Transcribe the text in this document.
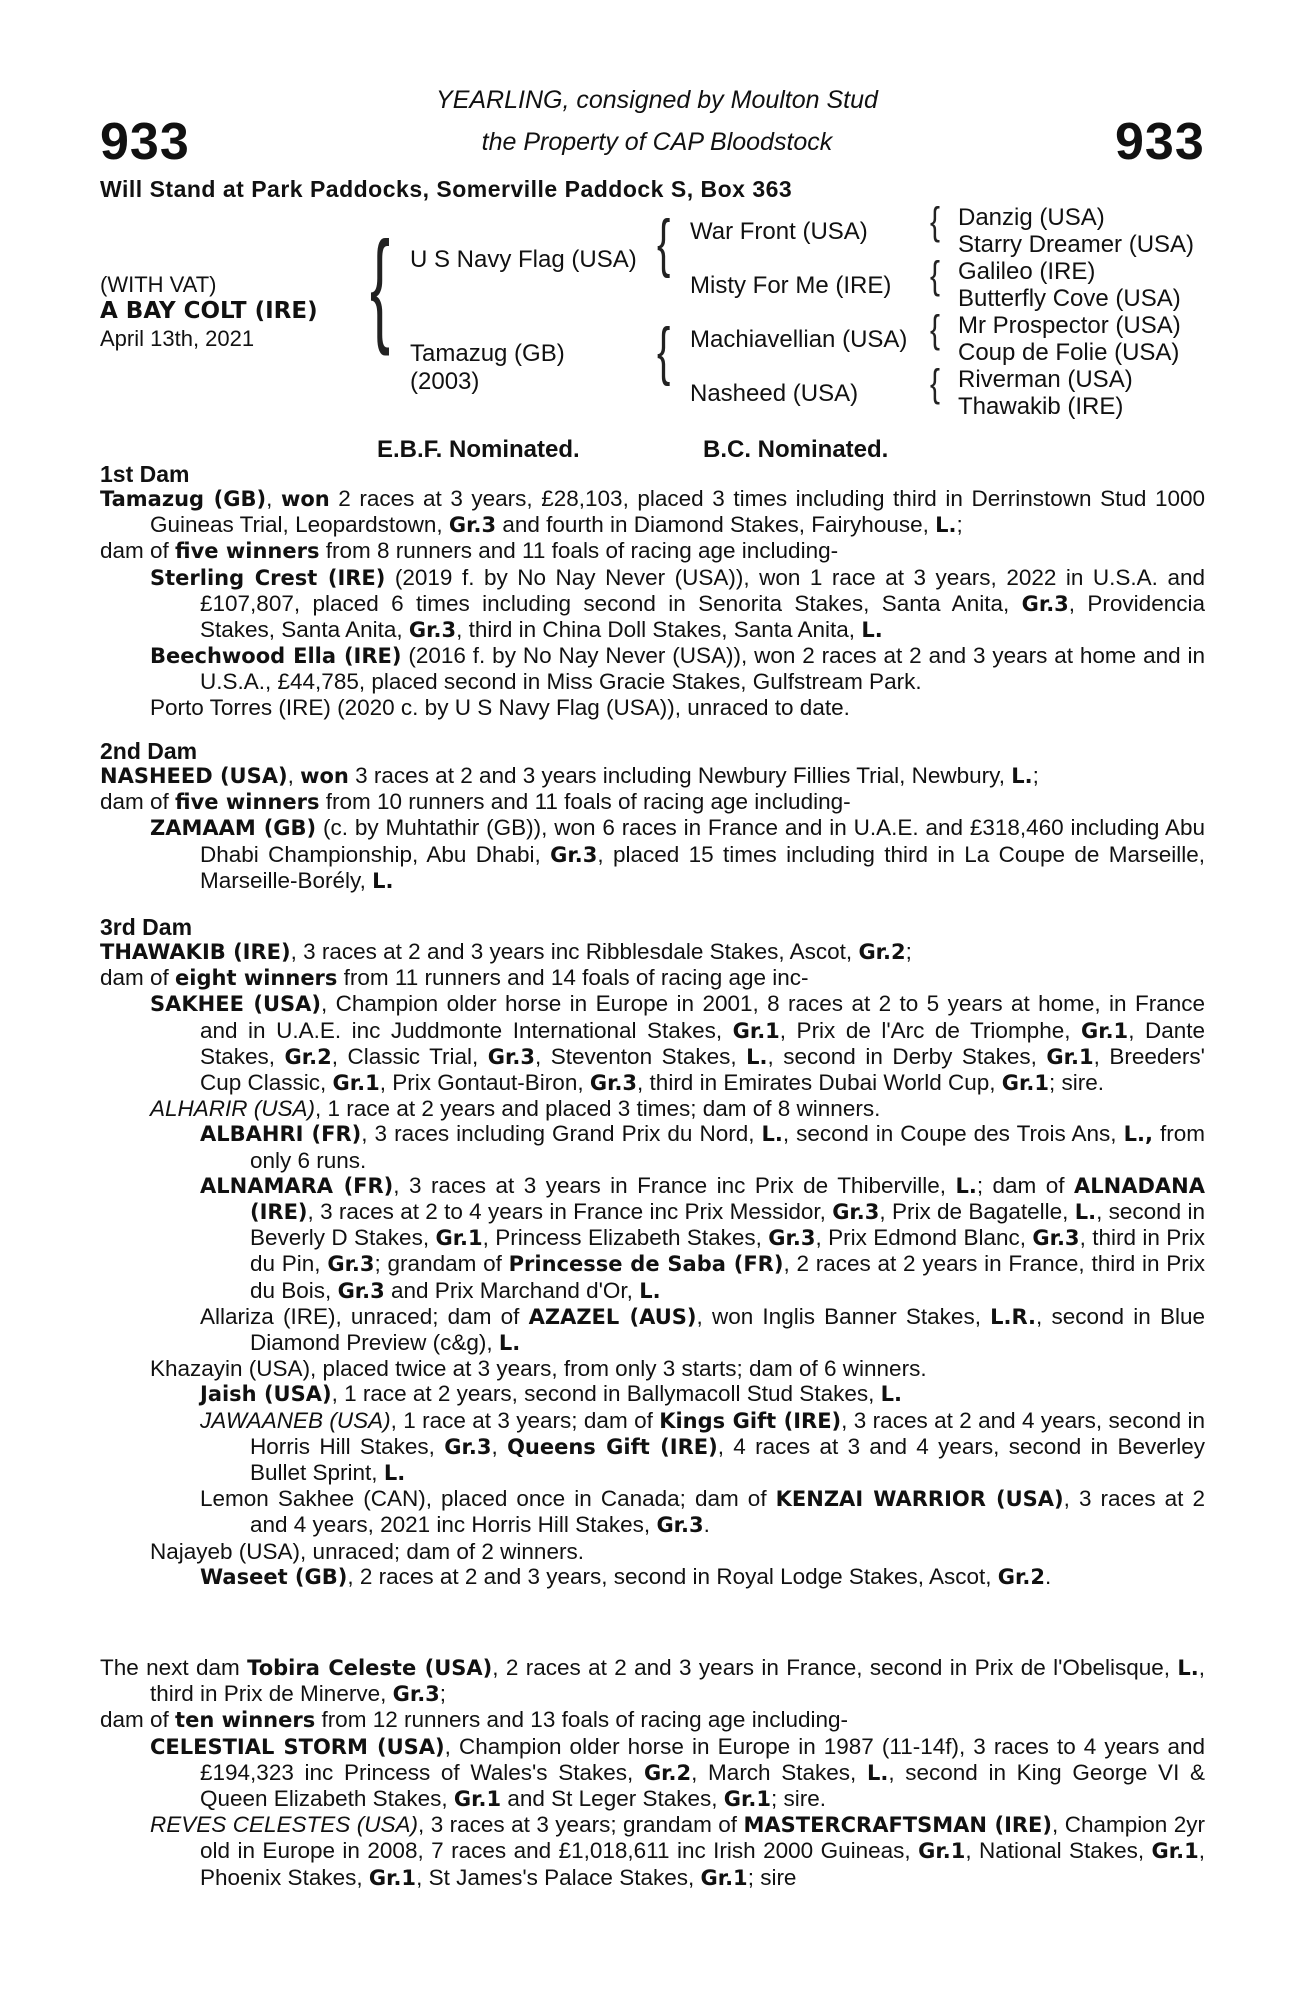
933	933
YEARLING, consigned by Moulton Stud
the Property of CAP Bloodstock
Will Stand at Park Paddocks, Somerville Paddock S, Box 363
(WITH VAT)
A BAY COLT (IRE)
April 13th, 2021 { U S Navy Flag (USA)
Tamazug (GB)
(2003)
{ War Front (USA)
Misty For Me (IRE)
{ Machiavellian (USA)
Nasheed (USA)
{ Danzig (USA)
Starry Dreamer (USA)
{ Galileo (IRE)
Butterfly Cove (USA)
{ Mr Prospector (USA)
Coup de Folie (USA)
{ Riverman (USA)
Thawakib (IRE)
E.B.F. Nominated.	B.C. Nominated.
1st Dam

Tamazug (GB), won 2 races at 3 years, £28,103, placed 3 times including third in Derrinstown Stud 1000 Guineas Trial, Leopardstown, Gr.3 and fourth in Diamond Stakes, Fairyhouse, L.;

dam of five winners from 8 runners and 11 foals of racing age including-

Sterling Crest (IRE) (2019 f. by No Nay Never (USA)), won 1 race at 3 years, 2022 in U.S.A. and £107,807, placed 6 times including second in Senorita Stakes, Santa Anita, Gr.3, Providencia Stakes, Santa Anita, Gr.3, third in China Doll Stakes, Santa Anita, L.

Beechwood Ella (IRE) (2016 f. by No Nay Never (USA)), won 2 races at 2 and 3 years at home and in U.S.A., £44,785, placed second in Miss Gracie Stakes, Gulfstream Park.

Porto Torres (IRE) (2020 c. by U S Navy Flag (USA)), unraced to date.

2nd Dam

NASHEED (USA), won 3 races at 2 and 3 years including Newbury Fillies Trial, Newbury, L.;

dam of five winners from 10 runners and 11 foals of racing age including-

ZAMAAM (GB) (c. by Muhtathir (GB)), won 6 races in France and in U.A.E. and £318,460 including Abu Dhabi Championship, Abu Dhabi, Gr.3, placed 15 times including third in La Coupe de Marseille, Marseille-Borély, L.

3rd Dam

THAWAKIB (IRE), 3 races at 2 and 3 years inc Ribblesdale Stakes, Ascot, Gr.2;

dam of eight winners from 11 runners and 14 foals of racing age inc-

SAKHEE (USA), Champion older horse in Europe in 2001, 8 races at 2 to 5 years at home, in France and in U.A.E. inc Juddmonte International Stakes, Gr.1, Prix de l'Arc de Triomphe, Gr.1, Dante Stakes, Gr.2, Classic Trial, Gr.3, Steventon Stakes, L., second in Derby Stakes, Gr.1, Breeders' Cup Classic, Gr.1, Prix Gontaut-Biron, Gr.3, third in Emirates Dubai World Cup, Gr.1; sire.

ALHARIR (USA), 1 race at 2 years and placed 3 times; dam of 8 winners.

ALBAHRI (FR), 3 races including Grand Prix du Nord, L., second in Coupe des Trois Ans, L., from only 6 runs.

ALNAMARA (FR), 3 races at 3 years in France inc Prix de Thiberville, L.; dam of ALNADANA (IRE), 3 races at 2 to 4 years in France inc Prix Messidor, Gr.3, Prix de Bagatelle, L., second in Beverly D Stakes, Gr.1, Princess Elizabeth Stakes, Gr.3, Prix Edmond Blanc, Gr.3, third in Prix du Pin, Gr.3; grandam of Princesse de Saba (FR), 2 races at 2 years in France, third in Prix du Bois, Gr.3 and Prix Marchand d'Or, L.

Allariza (IRE), unraced; dam of AZAZEL (AUS), won Inglis Banner Stakes, L.R., second in Blue Diamond Preview (c&g), L.

Khazayin (USA), placed twice at 3 years, from only 3 starts; dam of 6 winners.

Jaish (USA), 1 race at 2 years, second in Ballymacoll Stud Stakes, L.

JAWAANEB (USA), 1 race at 3 years; dam of Kings Gift (IRE), 3 races at 2 and 4 years, second in Horris Hill Stakes, Gr.3, Queens Gift (IRE), 4 races at 3 and 4 years, second in Beverley Bullet Sprint, L.

Lemon Sakhee (CAN), placed once in Canada; dam of KENZAI WARRIOR (USA), 3 races at 2 and 4 years, 2021 inc Horris Hill Stakes, Gr.3.

Najayeb (USA), unraced; dam of 2 winners.

Waseet (GB), 2 races at 2 and 3 years, second in Royal Lodge Stakes, Ascot, Gr.2.

The next dam Tobira Celeste (USA), 2 races at 2 and 3 years in France, second in Prix de l'Obelisque, L., third in Prix de Minerve, Gr.3;

dam of ten winners from 12 runners and 13 foals of racing age including-

CELESTIAL STORM (USA), Champion older horse in Europe in 1987 (11-14f), 3 races to 4 years and £194,323 inc Princess of Wales's Stakes, Gr.2, March Stakes, L., second in King George VI & Queen Elizabeth Stakes, Gr.1 and St Leger Stakes, Gr.1; sire.

REVES CELESTES (USA), 3 races at 3 years; grandam of MASTERCRAFTSMAN (IRE), Champion 2yr old in Europe in 2008, 7 races and £1,018,611 inc Irish 2000 Guineas, Gr.1, National Stakes, Gr.1, Phoenix Stakes, Gr.1, St James's Palace Stakes, Gr.1; sire
